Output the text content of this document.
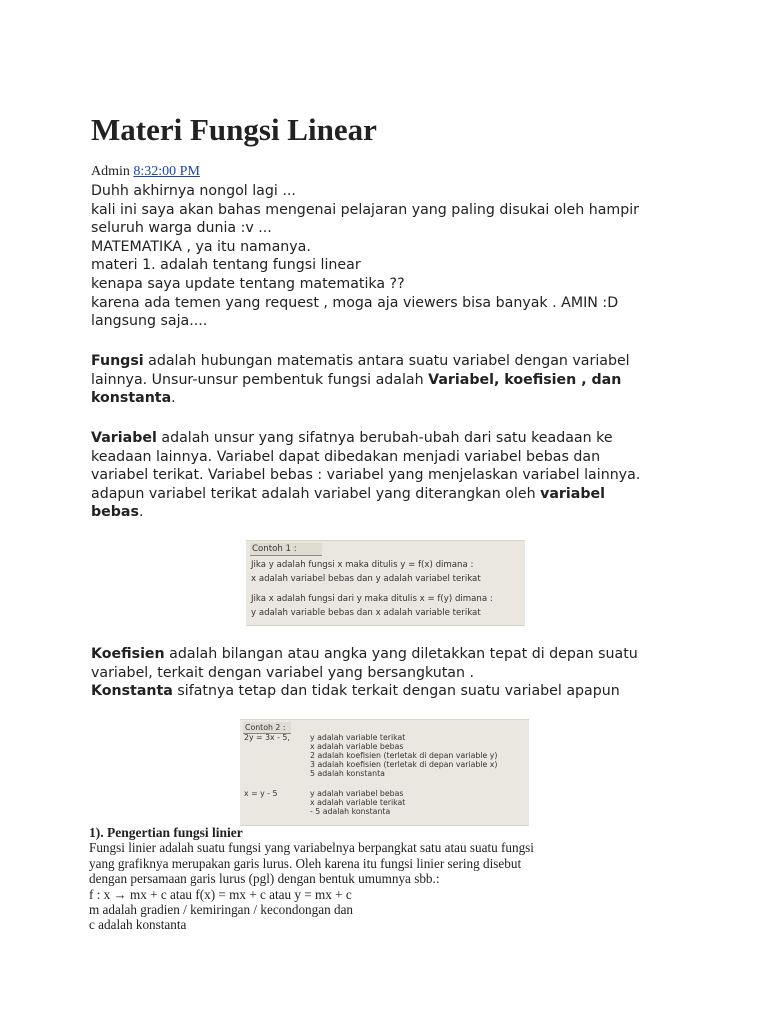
Materi Fungsi Linear
Admin 8:32:00 PM
Duhh akhirnya nongol lagi ...
kali ini saya akan bahas mengenai pelajaran yang paling disukai oleh hampir
seluruh warga dunia :v ...
MATEMATIKA , ya itu namanya.
materi 1. adalah tentang fungsi linear
kenapa saya update tentang matematika ??
karena ada temen yang request , moga aja viewers bisa banyak . AMIN :D
langsung saja....
Fungsi adalah hubungan matematis antara suatu variabel dengan variabel
lainnya. Unsur-unsur pembentuk fungsi adalah Variabel, koefisien , dan
konstanta.
Variabel adalah unsur yang sifatnya berubah-ubah dari satu keadaan ke
keadaan lainnya. Variabel dapat dibedakan menjadi variabel bebas dan
variabel terikat. Variabel bebas : variabel yang menjelaskan variabel lainnya.
adapun variabel terikat adalah variabel yang diterangkan oleh variabel
bebas.
Contoh 1 :
Jika y adalah fungsi x maka ditulis y = f(x) dimana :
x adalah variabel bebas dan y adalah variabel terikat
Jika x adalah fungsi dari y maka ditulis x = f(y) dimana :
y adalah variable bebas dan x adalah variable terikat
Koefisien adalah bilangan atau angka yang diletakkan tepat di depan suatu
variabel, terkait dengan variabel yang bersangkutan .
Konstanta sifatnya tetap dan tidak terkait dengan suatu variabel apapun
Contoh 2 :
2y = 3x - 5,	y adalah variable terikat
x adalah variable bebas
2 adalah koefisien (terletak di depan variable y)
3 adalah koefisien (terletak di depan variable x)
5 adalah konstanta
x = y - 5	y adalah variabel bebas
x adalah variable terikat
- 5 adalah konstanta
1). Pengertian fungsi linier
Fungsi linier adalah suatu fungsi yang variabelnya berpangkat satu atau suatu fungsi
yang grafiknya merupakan garis lurus. Oleh karena itu fungsi linier sering disebut
dengan persamaan garis lurus (pgl) dengan bentuk umumnya sbb.:
f : x → mx + c atau f(x) = mx + c atau y = mx + c
m adalah gradien / kemiringan / kecondongan dan
c adalah konstanta
